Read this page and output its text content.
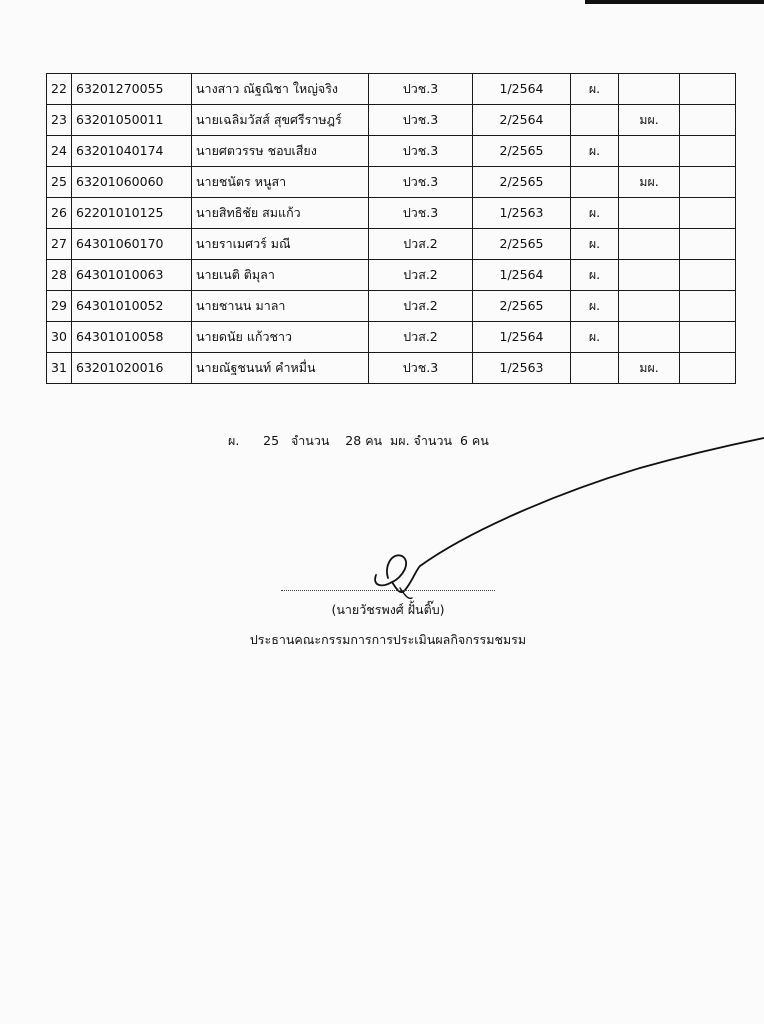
22	63201270055	นางสาว ณัฐณิชา ใหญ่จริง	ปวช.3	1/2564	ผ.		
23	63201050011	นายเฉลิมวัสส์ สุขศรีราษฎร์	ปวช.3	2/2564		มผ.	
24	63201040174	นายศตวรรษ ชอบเสียง	ปวช.3	2/2565	ผ.		
25	63201060060	นายชนัตร หนูสา	ปวช.3	2/2565		มผ.	
26	62201010125	นายสิทธิชัย สมแก้ว	ปวช.3	1/2563	ผ.		
27	64301060170	นายราเมศวร์ มณี	ปวส.2	2/2565	ผ.		
28	64301010063	นายเนติ ติมุลา	ปวส.2	1/2564	ผ.		
29	64301010052	นายชานน มาลา	ปวส.2	2/2565	ผ.		
30	64301010058	นายดนัย แก้วชาว	ปวส.2	1/2564	ผ.		
31	63201020016	นายณัฐชนนท์ คำหมื่น	ปวช.3	1/2563		มผ.	
ผ.      25   จำนวน    28 คน  มผ. จำนวน  6 คน
(นายวัชรพงศ์ ฝั้นติ๊บ)
ประธานคณะกรรมการการประเมินผลกิจกรรมชมรม
